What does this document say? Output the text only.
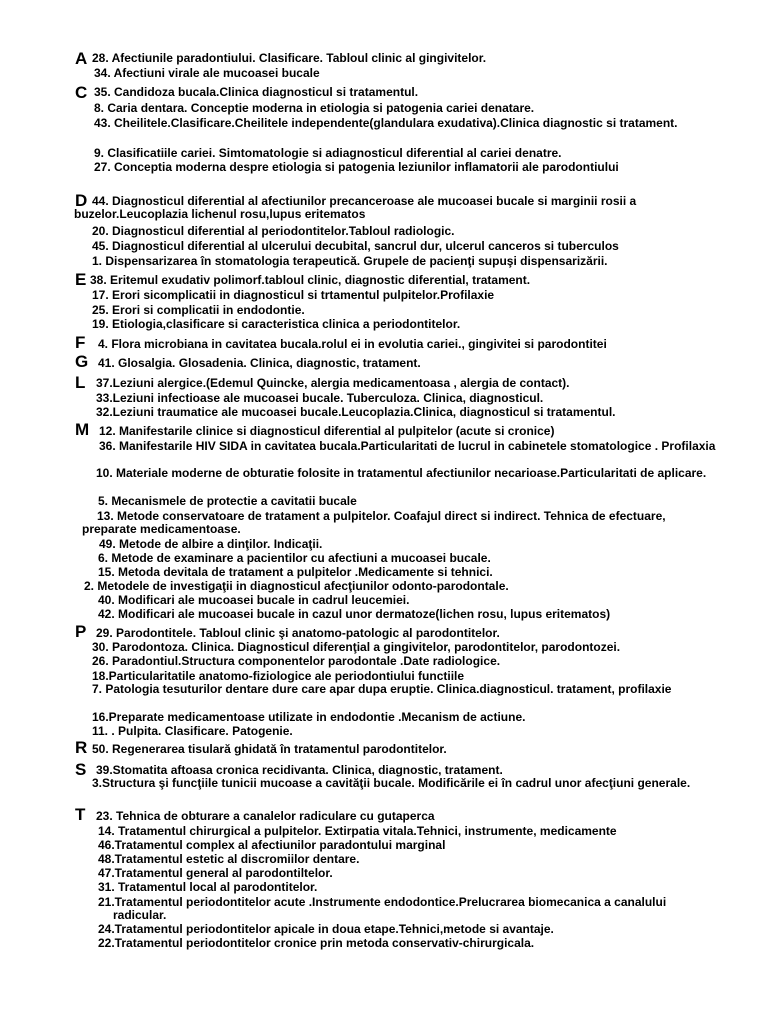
A 28. Afectiunile paradontiului. Clasificare. Tabloul clinic al gingivitelor.
34. Afectiuni virale ale mucoasei bucale
C 35. Candidoza bucala.Clinica diagnosticul si tratamentul.
8. Caria dentara. Conceptie moderna in etiologia si patogenia cariei denatare.
43. Cheilitele.Clasificare.Cheilitele independente(glandulara exudativa).Clinica diagnostic si tratament.
9. Clasificatiile cariei. Simtomatologie si adiagnosticul diferential al cariei denatre.
27. Conceptia moderna despre etiologia si patogenia leziunilor inflamatorii ale parodontiului
D 44. Diagnosticul diferential al afectiunilor precanceroase ale mucoasei bucale si marginii rosii a buzelor.Leucoplazia lichenul rosu,lupus eritematos
20. Diagnosticul diferential al periodontitelor.Tabloul radiologic.
45. Diagnosticul diferential al ulcerului decubital, sancrul dur, ulcerul canceros si tuberculos
1. Dispensarizarea în stomatologia terapeutică. Grupele de pacienţi supuşi dispensarizării.
E 38. Eritemul exudativ polimorf.tabloul clinic, diagnostic diferential, tratament.
17. Erori sicomplicatii in diagnosticul si trtamentul pulpitelor.Profilaxie
25. Erori si complicatii in endodontie.
19. Etiologia,clasificare si caracteristica clinica a periodontitelor.
F 4. Flora microbiana in cavitatea bucala.rolul ei in evolutia cariei., gingivitei si parodontitei
G 41. Glosalgia. Glosadenia. Clinica, diagnostic, tratament.
L 37.Leziuni alergice.(Edemul Quincke, alergia medicamentoasa , alergia de contact).
33.Leziuni infectioase ale mucoasei bucale. Tuberculoza. Clinica, diagnosticul.
32.Leziuni traumatice ale mucoasei bucale.Leucoplazia.Clinica, diagnosticul si tratamentul.
M 12. Manifestarile clinice si diagnosticul diferential al pulpitelor (acute si cronice)
36. Manifestarile HIV SIDA in cavitatea bucala.Particularitati de lucrul in cabinetele stomatologice . Profilaxia
10. Materiale moderne de obturatie folosite in tratamentul afectiunilor necarioase.Particularitati de aplicare.
5. Mecanismele de protectie a cavitatii bucale
13. Metode conservatoare de tratament a pulpitelor. Coafajul direct si indirect. Tehnica de efectuare, preparate medicamentoase.
49. Metode de albire a dinţilor. Indicaţii.
6. Metode de examinare a pacientilor cu afectiuni a mucoasei bucale.
15. Metoda devitala de tratament a pulpitelor .Medicamente si tehnici.
2. Metodele de investigaţii in diagnosticul afecţiunilor odonto-parodontale.
40. Modificari ale mucoasei bucale in cadrul leucemiei.
42. Modificari ale mucoasei bucale in cazul unor dermatoze(lichen rosu, lupus eritematos)
P 29. Parodontitele. Tabloul clinic şi anatomo-patologic al parodontitelor.
30. Parodontoza. Clinica. Diagnosticul diferenţial a gingivitelor, parodontitelor, parodontozei.
26. Paradontiul.Structura componentelor parodontale .Date radiologice.
18.Particularitatile anatomo-fiziologice ale periodontiului functiile
7. Patologia tesuturilor dentare dure care apar dupa eruptie. Clinica.diagnosticul. tratament, profilaxie
16.Preparate medicamentoase utilizate in endodontie .Mecanism de actiune.
11. . Pulpita. Clasificare. Patogenie.
R 50. Regenerarea tisulară ghidată în tratamentul parodontitelor.
S 39.Stomatita aftoasa cronica recidivanta. Clinica, diagnostic, tratament.
3.Structura şi funcţiile tunicii mucoase a cavităţii bucale. Modificările ei în cadrul unor afecţiuni generale.
T 23. Tehnica de obturare a canalelor radiculare cu gutaperca
14. Tratamentul chirurgical a pulpitelor. Extirpatia vitala.Tehnici, instrumente, medicamente
46.Tratamentul complex al afectiunilor paradontului marginal
48.Tratamentul estetic al discromiilor dentare.
47.Tratamentul general al parodontiltelor.
31. Tratamentul local al parodontitelor.
21.Tratamentul periodontitelor acute .Instrumente endodontice.Prelucrarea biomecanica a canalului radicular.
24.Tratamentul periodontitelor apicale in doua etape.Tehnici,metode si avantaje.
22.Tratamentul periodontitelor cronice prin metoda conservativ-chirurgicala.
